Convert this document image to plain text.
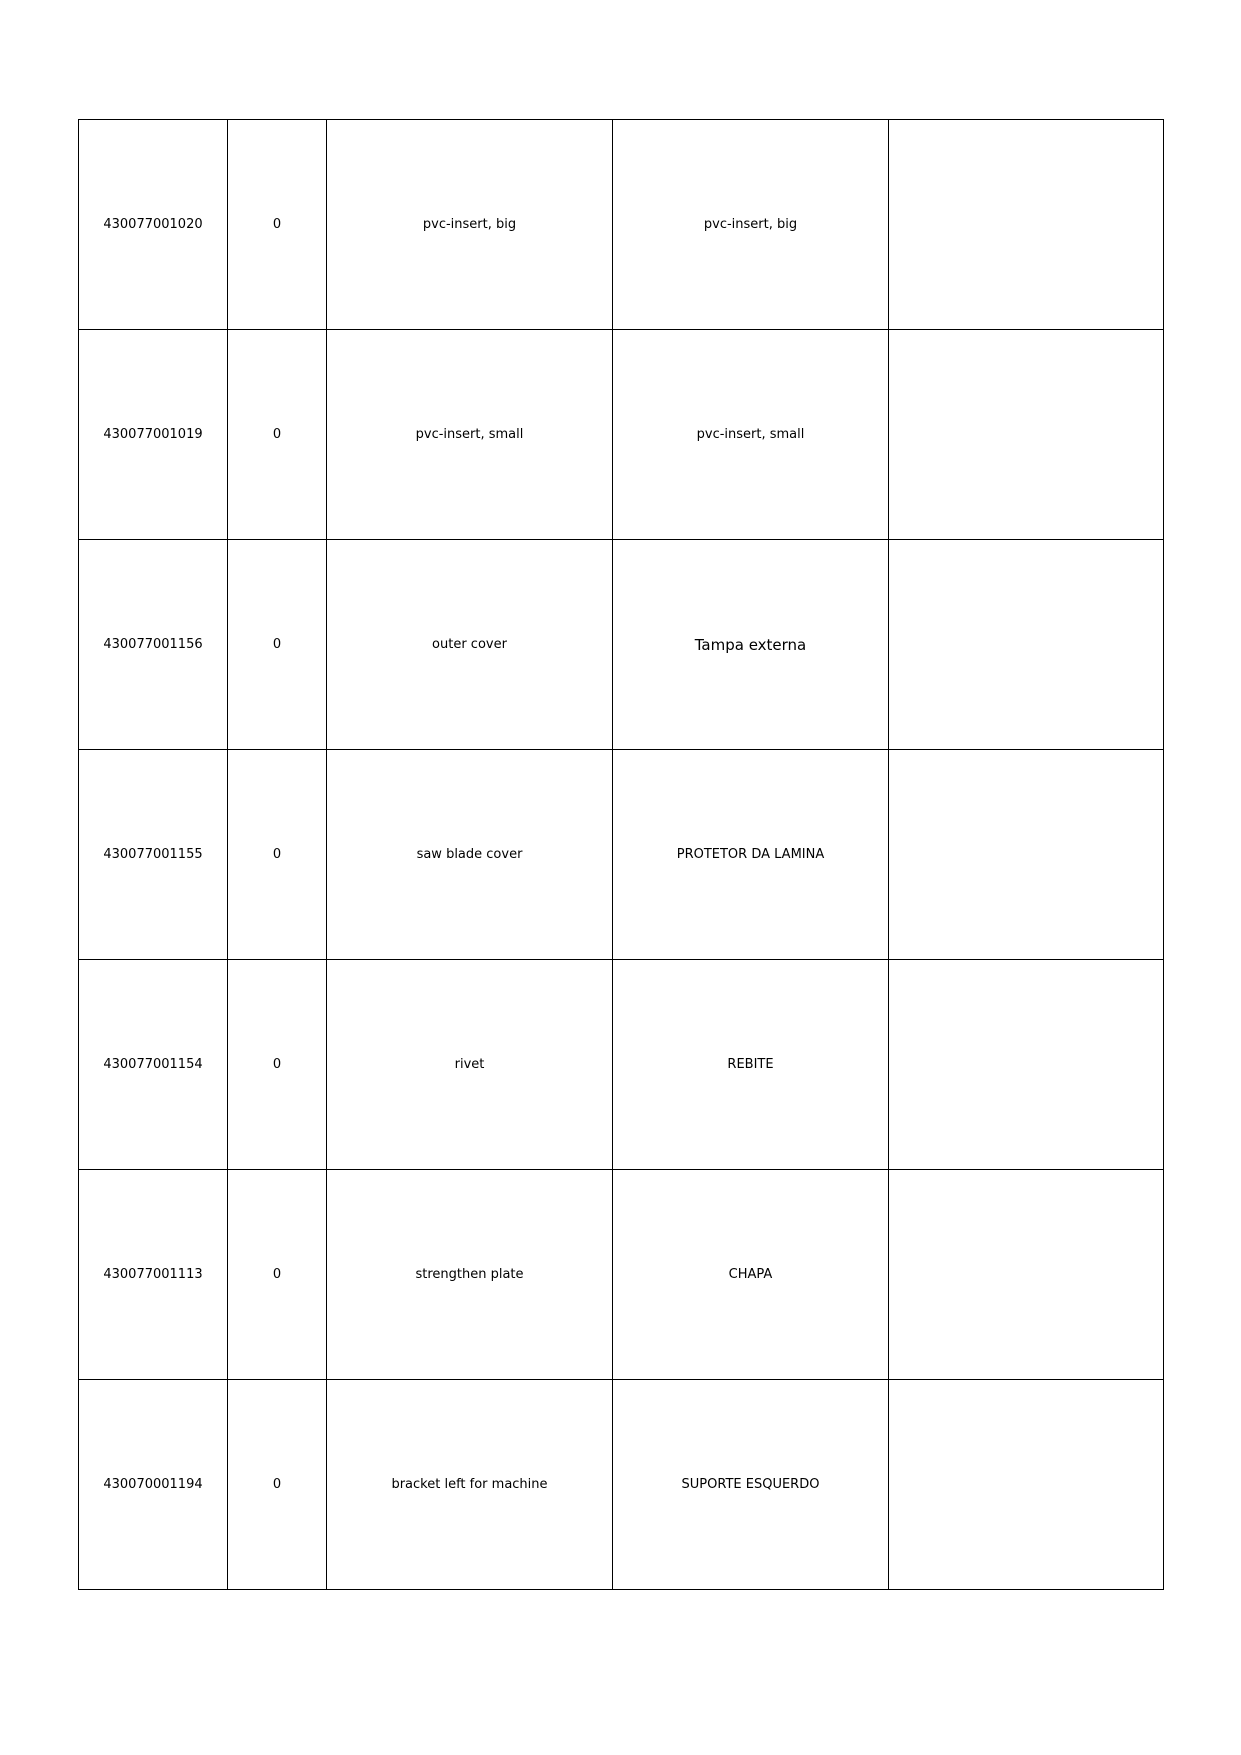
430077001020	0	pvc-insert, big	pvc-insert, big	
430077001019	0	pvc-insert, small	pvc-insert, small	
430077001156	0	outer cover	Tampa externa	
430077001155	0	saw blade cover	PROTETOR DA LAMINA	
430077001154	0	rivet	REBITE	
430077001113	0	strengthen plate	CHAPA	
430070001194	0	bracket left for machine	SUPORTE ESQUERDO	
